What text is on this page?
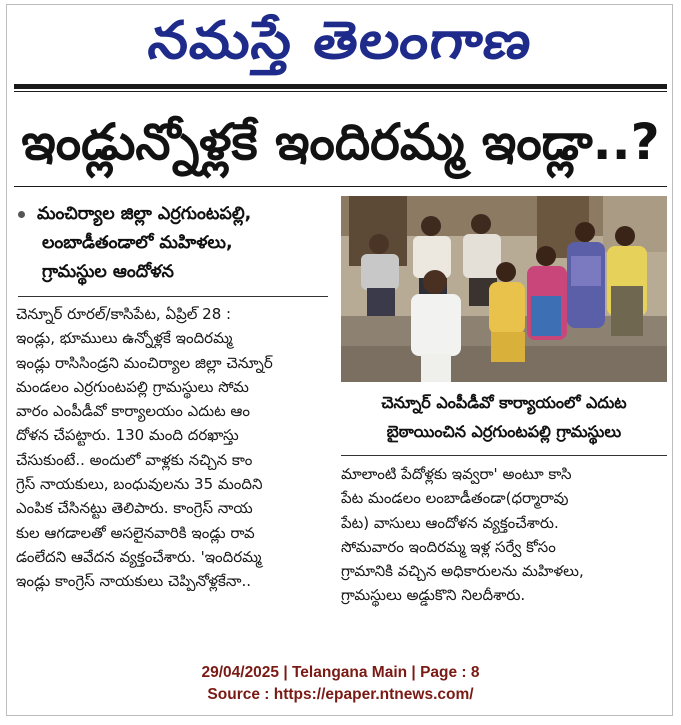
నమస్తే తెలంగాణ
ఇండ్లున్నోళ్లకే ఇందిరమ్మ ఇండ్లా..?
మంచిర్యాల జిల్లా ఎర్రగుంటపల్లి,
లంబాడీతండాలో మహిళలు,
గ్రామస్థుల ఆందోళన
చెన్నూర్ రూరల్/కాసిపేట, ఏప్రిల్ 28 :
ఇండ్లు, భూములు ఉన్నోళ్లకే ఇందిరమ్మ
ఇండ్లు రాసిసిండ్రని మంచిర్యాల జిల్లా చెన్నూర్
మండలం ఎర్రగుంటపల్లి గ్రామస్థులు సోమ
వారం ఎంపీడీవో కార్యాలయం ఎదుట ఆం
దోళన చేపట్టారు. 130 మంది దరఖాస్తు
చేసుకుంటే.. అందులో వాళ్లకు నచ్చిన కాం
గ్రెస్ నాయకులు, బంధువులను 35 మందిని
ఎంపిక చేసినట్టు తెలిపారు. కాంగ్రెస్ నాయ
కుల ఆగడాలతో అసలైనవారికి ఇండ్లు రావ
డంలేదని ఆవేదన వ్యక్తంచేశారు. 'ఇందిరమ్మ
ఇండ్లు కాంగ్రెస్ నాయకులు చెప్పినోళ్లకేనా..
చెన్నూర్ ఎంపీడీవో కార్యాయంలో ఎదుట
బైఠాయించిన ఎర్రగుంటపల్లి గ్రామస్థులు
మాలాంటి పేదోళ్లకు ఇవ్వరా' అంటూ కాసి
పేట మండలం లంబాడీతండా(ధర్మారావు
పేట) వాసులు ఆందోళన వ్యక్తంచేశారు.
సోమవారం ఇందిరమ్మ ఇళ్ల సర్వే కోసం
గ్రామానికి వచ్చిన అధికారులను మహిళలు,
గ్రామస్థులు అడ్డుకొని నిలదీశారు.
29/04/2025 | Telangana Main | Page : 8
Source : https://epaper.ntnews.com/
